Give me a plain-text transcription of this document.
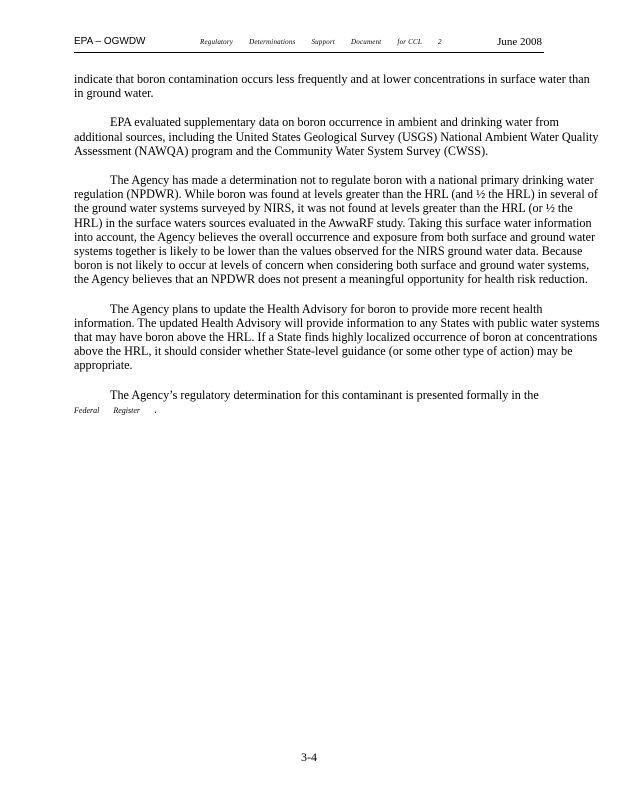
EPA – OGWDW	Regulatory Determinations Support Document for CCL 2	June 2008

indicate that boron contamination occurs less frequently and at lower concentrations in surface water than in ground water.

EPA evaluated supplementary data on boron occurrence in ambient and drinking water from additional sources, including the United States Geological Survey (USGS) National Ambient Water Quality Assessment (NAWQA) program and the Community Water System Survey (CWSS).

The Agency has made a determination not to regulate boron with a national primary drinking water regulation (NPDWR). While boron was found at levels greater than the HRL (and ½ the HRL) in several of the ground water systems surveyed by NIRS, it was not found at levels greater than the HRL (or ½ the HRL) in the surface waters sources evaluated in the AwwaRF study. Taking this surface water information into account, the Agency believes the overall occurrence and exposure from both surface and ground water systems together is likely to be lower than the values observed for the NIRS ground water data. Because boron is not likely to occur at levels of concern when considering both surface and ground water systems, the Agency believes that an NPDWR does not present a meaningful opportunity for health risk reduction.

The Agency plans to update the Health Advisory for boron to provide more recent health information. The updated Health Advisory will provide information to any States with public water systems that may have boron above the HRL. If a State finds highly localized occurrence of boron at concentrations above the HRL, it should consider whether State-level guidance (or some other type of action) may be appropriate.

The Agency’s regulatory determination for this contaminant is presented formally in the
Federal Register .

3-4
